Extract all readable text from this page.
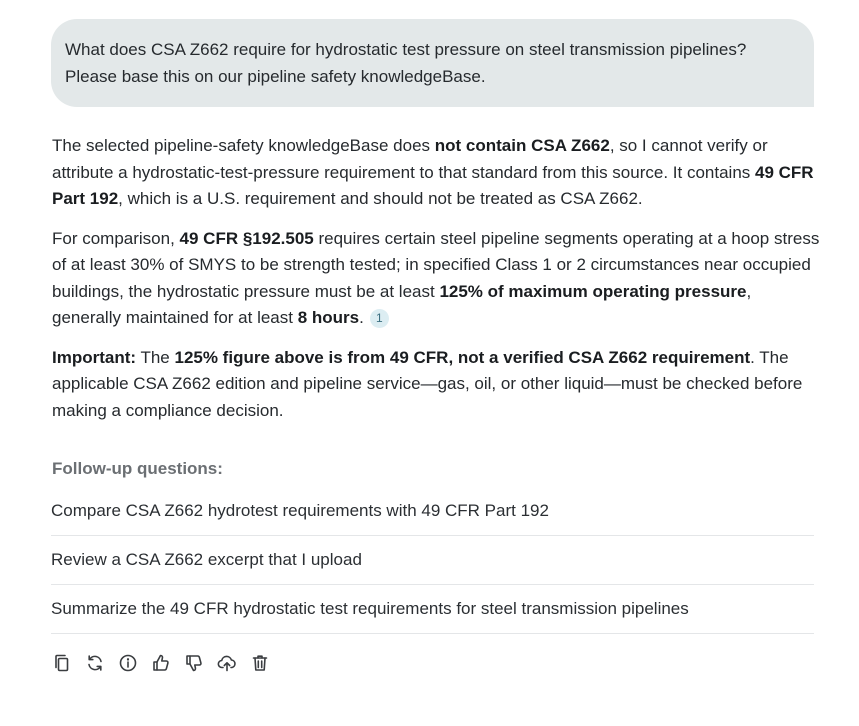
What does CSA Z662 require for hydrostatic test pressure on steel transmission pipelines?
Please base this on our pipeline safety knowledgeBase.

The selected pipeline-safety knowledgeBase does not contain CSA Z662, so I cannot verify or attribute a hydrostatic-test-pressure requirement to that standard from this source. It contains 49 CFR Part 192, which is a U.S. requirement and should not be treated as CSA Z662.

For comparison, 49 CFR §192.505 requires certain steel pipeline segments operating at a hoop stress of at least 30% of SMYS to be strength tested; in specified Class 1 or 2 circumstances near occupied buildings, the hydrostatic pressure must be at least 125% of maximum operating pressure, generally maintained for at least 8 hours. 1

Important: The 125% figure above is from 49 CFR, not a verified CSA Z662 requirement. The applicable CSA Z662 edition and pipeline service—gas, oil, or other liquid—must be checked before making a compliance decision.

Follow-up questions:
Compare CSA Z662 hydrotest requirements with 49 CFR Part 192
Review a CSA Z662 excerpt that I upload
Summarize the 49 CFR hydrostatic test requirements for steel transmission pipelines
